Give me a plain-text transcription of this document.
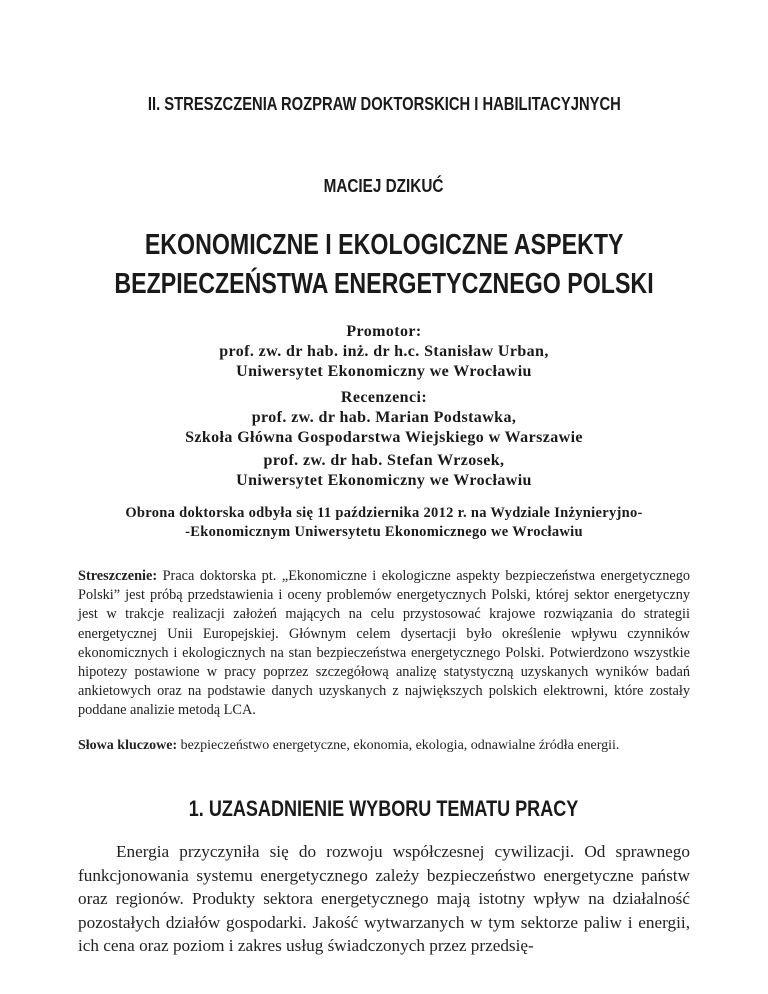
II. STRESZCZENIA ROZPRAW DOKTORSKICH I HABILITACYJNYCH
MACIEJ DZIKUĆ
EKONOMICZNE I EKOLOGICZNE ASPEKTY
BEZPIECZEŃSTWA ENERGETYCZNEGO POLSKI
Promotor:
prof. zw. dr hab. inż. dr h.c. Stanisław Urban,
Uniwersytet Ekonomiczny we Wrocławiu
Recenzenci:
prof. zw. dr hab. Marian Podstawka,
Szkoła Główna Gospodarstwa Wiejskiego w Warszawie
prof. zw. dr hab. Stefan Wrzosek,
Uniwersytet Ekonomiczny we Wrocławiu
Obrona doktorska odbyła się 11 października 2012 r. na Wydziale Inżynieryjno-
-Ekonomicznym Uniwersytetu Ekonomicznego we Wrocławiu
Streszczenie: Praca doktorska pt. „Ekonomiczne i ekologiczne aspekty bezpieczeństwa energetycznego Polski” jest próbą przedstawienia i oceny problemów energetycznych Polski, której sektor energetyczny jest w trakcje realizacji założeń mających na celu przystosować krajowe rozwiązania do strategii energetycznej Unii Europejskiej. Głównym celem dysertacji było określenie wpływu czynników ekonomicznych i ekologicznych na stan bezpieczeństwa energetycznego Polski. Potwierdzono wszystkie hipotezy postawione w pracy poprzez szczegółową analizę statystyczną uzyskanych wyników badań ankietowych oraz na podstawie danych uzyskanych z największych polskich elektrowni, które zostały poddane analizie metodą LCA.
Słowa kluczowe: bezpieczeństwo energetyczne, ekonomia, ekologia, odnawialne źródła energii.
1. UZASADNIENIE WYBORU TEMATU PRACY
Energia przyczyniła się do rozwoju współczesnej cywilizacji. Od sprawnego funkcjonowania systemu energetycznego zależy bezpieczeństwo energetyczne państw oraz regionów. Produkty sektora energetycznego mają istotny wpływ na działalność pozostałych działów gospodarki. Jakość wytwarzanych w tym sektorze paliw i energii, ich cena oraz poziom i zakres usług świadczonych przez przedsię-
